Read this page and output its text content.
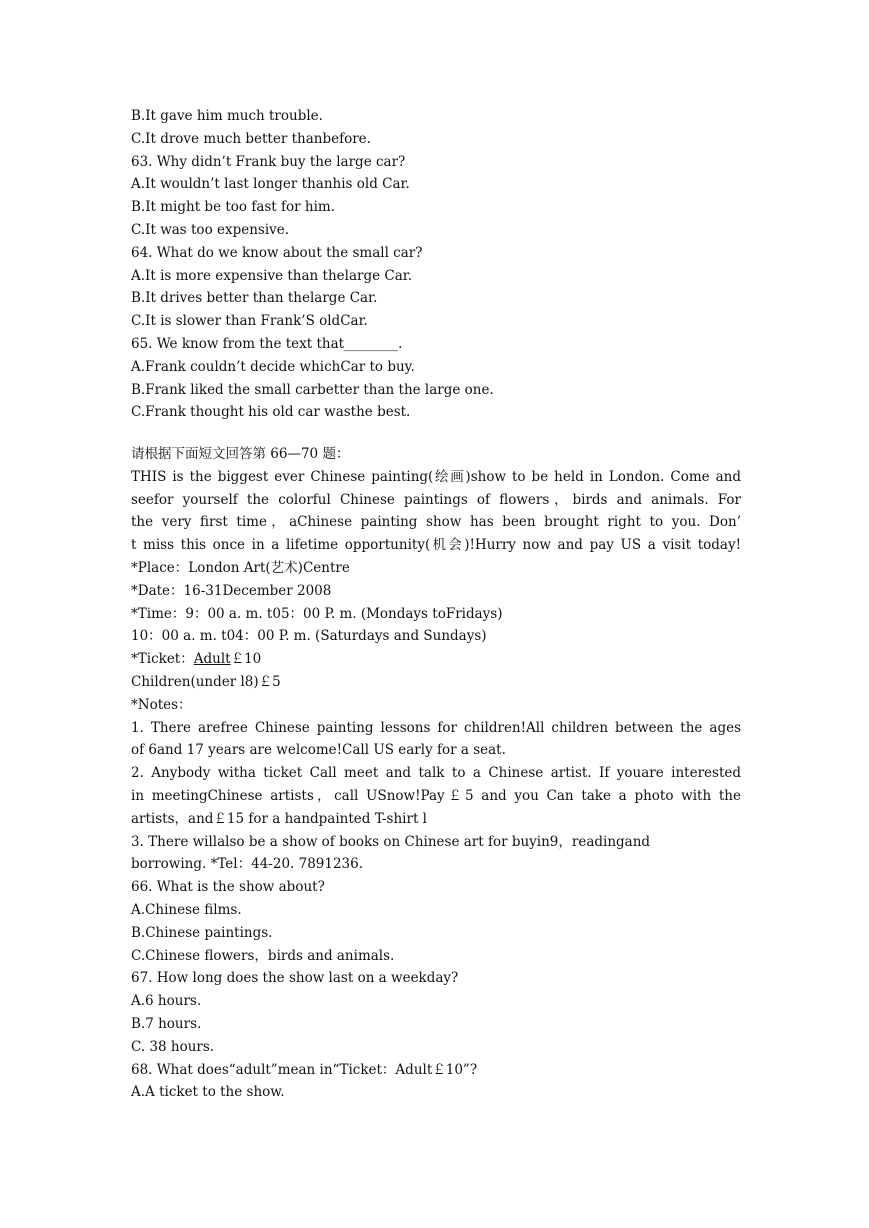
B.It gave him much trouble.
C.It drove much better thanbefore.
63. Why didn’t Frank buy the large car?
A.It wouldn’t last longer thanhis old Car.
B.It might be too fast for him.
C.It was too expensive.
64. What do we know about the small car?
A.It is more expensive than thelarge Car.
B.It drives better than thelarge Car.
C.It is slower than Frank’S oldCar.
65. We know from the text that________.
A.Frank couldn’t decide whichCar to buy.
B.Frank liked the small carbetter than the large one.
C.Frank thought his old car wasthe best.
请根据下面短文回答第 66—70 题：
THIS is the biggest ever Chinese painting(绘画)show to be held in London. Come and
seefor yourself the colorful Chinese paintings of flowers，birds and animals. For
the very first time，aChinese painting show has been brought right to you. Don’
t miss this once in a lifetime opportunity(机会)!Hurry now and pay US a visit today!
*Place：London Art(艺术)Centre
*Date：16-31December 2008
*Time：9：00 a. m. t05：00 P. m. (Mondays toFridays)
10：00 a. m. t04：00 P. m. (Saturdays and Sundays)
*Ticket：Adult￡10
Children(under l8)￡5
*Notes：
1. There arefree Chinese painting lessons for children!All children between the ages
of 6and 17 years are welcome!Call US early for a seat.
2. Anybody witha ticket Call meet and talk to a Chinese artist. If youare interested
in meetingChinese artists，call USnow!Pay￡5 and you Can take a photo with the
artists，and￡15 for a handpainted T-shirt l
3. There willalso be a show of books on Chinese art for buyin9，readingand
borrowing. *Tel：44-20. 7891236.
66. What is the show about?
A.Chinese films.
B.Chinese paintings.
C.Chinese flowers，birds and animals.
67. How long does the show last on a weekday?
A.6 hours.
B.7 hours.
C. 38 hours.
68. What does“adult”mean in“Ticket：Adult￡10”?
A.A ticket to the show.
